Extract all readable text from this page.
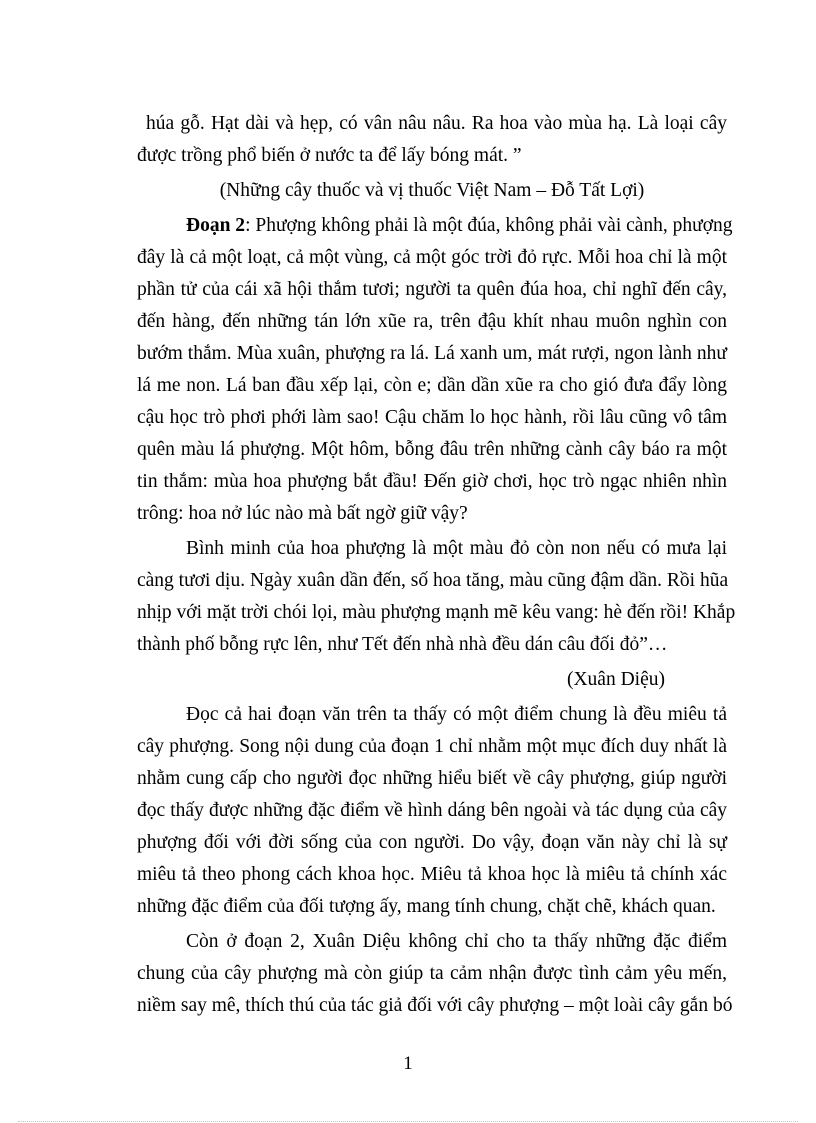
húa gỗ. Hạt dài và hẹp, có vân nâu nâu. Ra hoa vào mùa hạ. Là loại cây
được trồng phổ biến ở nước ta để lấy bóng mát. ”
(Những cây thuốc và vị thuốc Việt Nam – Đỗ Tất Lợi)
Đoạn 2: Phượng không phải là một đúa, không phải vài cành, phượng
đây là cả một loạt, cả một vùng, cả một góc trời đỏ rực. Mỗi hoa chỉ là một
phần tử của cái xã hội thắm tươi; người ta quên đúa hoa, chỉ nghĩ đến cây,
đến hàng, đến những tán lớn xũe ra, trên đậu khít nhau muôn nghìn con
bướm thắm. Mùa xuân, phượng ra lá. Lá xanh um, mát rượi, ngon lành như
lá me non. Lá ban đầu xếp lại, còn e; dần dần xũe ra cho gió đưa đẩy lòng
cậu học trò phơi phới làm sao! Cậu chăm lo học hành, rồi lâu cũng vô tâm
quên màu lá phượng. Một hôm, bỗng đâu trên những cành cây báo ra một
tin thắm: mùa hoa phượng bắt đầu! Đến giờ chơi, học trò ngạc nhiên nhìn
trông: hoa nở lúc nào mà bất ngờ giữ vậy?
Bình minh của hoa phượng là một màu đỏ còn non nếu có mưa lại
càng tươi dịu. Ngày xuân dần đến, số hoa tăng, màu cũng đậm dần. Rồi hũa
nhịp với mặt trời chói lọi, màu phượng mạnh mẽ kêu vang: hè đến rồi! Khắp
thành phố bỗng rực lên, như Tết đến nhà nhà đều dán câu đối đỏ”…
(Xuân Diệu)
Đọc cả hai đoạn văn trên ta thấy có một điểm chung là đều miêu tả
cây phượng. Song nội dung của đoạn 1 chỉ nhằm một mục đích duy nhất là
nhằm cung cấp cho người đọc những hiểu biết về cây phượng, giúp người
đọc thấy được những đặc điểm về hình dáng bên ngoài và tác dụng của cây
phượng đối với đời sống của con người. Do vậy, đoạn văn này chỉ là sự
miêu tả theo phong cách khoa học. Miêu tả khoa học là miêu tả chính xác
những đặc điểm của đối tượng ấy, mang tính chung, chặt chẽ, khách quan.
Còn ở đoạn 2, Xuân Diệu không chỉ cho ta thấy những đặc điểm
chung của cây phượng mà còn giúp ta cảm nhận được tình cảm yêu mến,
niềm say mê, thích thú của tác giả đối với cây phượng – một loài cây gắn bó
1
